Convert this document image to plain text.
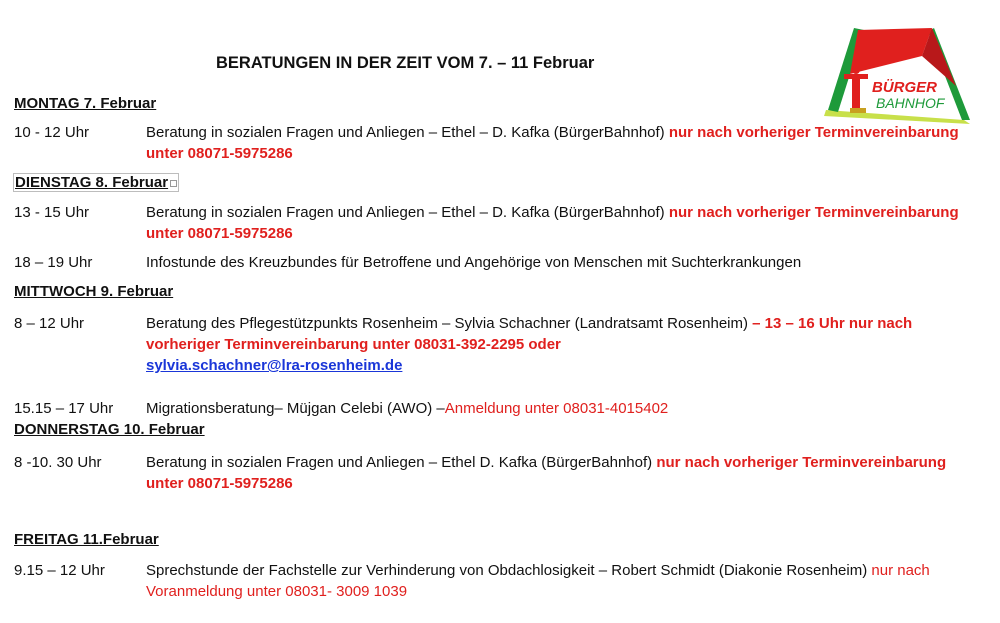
BERATUNGEN IN DER ZEIT VOM 7. – 11 Februar
BÜRGER
BAHNHOF
MONTAG 7. Februar
10 - 12 Uhr	Beratung in sozialen Fragen und Anliegen – Ethel – D. Kafka (BürgerBahnhof) nur nach vorheriger Terminvereinbarung unter 08071-5975286
DIENSTAG 8. Februar
13 - 15 Uhr	Beratung in sozialen Fragen und Anliegen – Ethel – D. Kafka (BürgerBahnhof) nur nach vorheriger Terminvereinbarung unter 08071-5975286
18 – 19 Uhr	Infostunde des Kreuzbundes für Betroffene und Angehörige von Menschen mit Suchterkrankungen
MITTWOCH 9. Februar
8 – 12 Uhr	Beratung des Pflegestützpunkts Rosenheim – Sylvia Schachner (Landratsamt Rosenheim) – 13 – 16 Uhr nur nach vorheriger Terminvereinbarung unter 08031-392-2295 oder
sylvia.schachner@lra-rosenheim.de
15.15 – 17 Uhr Migrationsberatung– Müjgan Celebi (AWO) –Anmeldung unter 08031-4015402
DONNERSTAG 10. Februar
8 -10. 30 Uhr	Beratung in sozialen Fragen und Anliegen – Ethel D. Kafka (BürgerBahnhof) nur nach vorheriger Terminvereinbarung unter 08071-5975286
FREITAG 11.Februar
9.15 – 12 Uhr	Sprechstunde der Fachstelle zur Verhinderung von Obdachlosigkeit – Robert Schmidt (Diakonie Rosenheim) nur nach Voranmeldung unter 08031- 3009 1039
